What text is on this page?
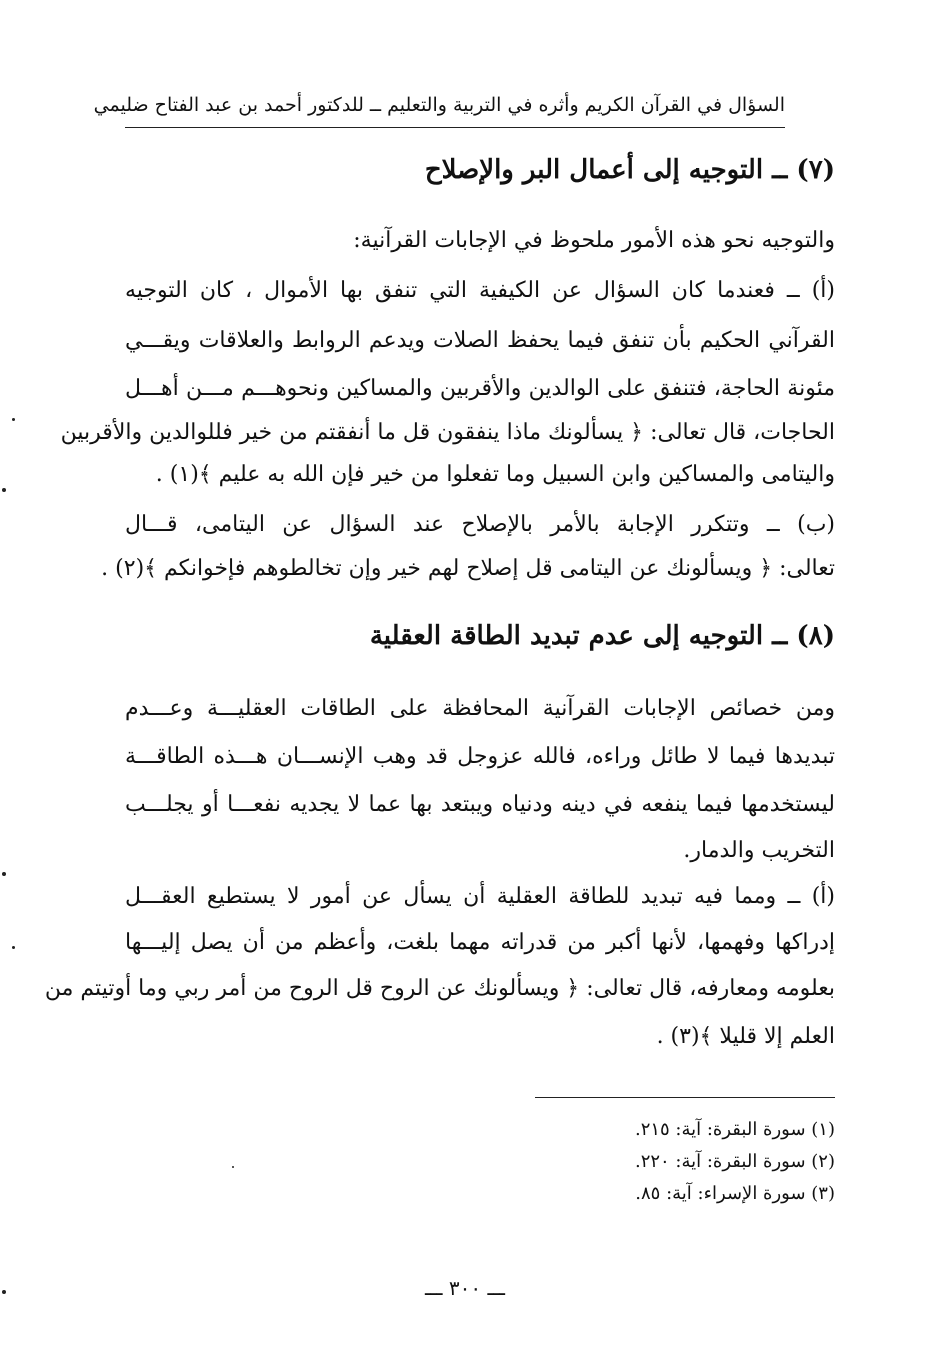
السؤال في القرآن الكريم وأثره في التربية والتعليم ــ للدكتور أحمد بن عبد الفتاح ضليمي
(٧) ــ التوجيه إلى أعمال البر والإصلاح
والتوجيه نحو هذه الأمور ملحوظ في الإجابات القرآنية:
(أ) ــ فعندما كان السؤال عن الكيفية التي تنفق بها الأموال ، كان التوجيه
القرآني الحكيم بأن تنفق فيما يحفظ الصلات ويدعم الروابط والعلاقات ويقـــي
مئونة الحاجة، فتنفق على الوالدين والأقربين والمساكين ونحوهـــم مـــن أهـــل
الحاجات، قال تعالى: ﴿ يسألونك ماذا ينفقون قل ما أنفقتم من خير فللوالدين والأقربين
واليتامى والمساكين وابن السبيل وما تفعلوا من خير فإن الله به عليم ﴾(١) .
(ب) ــ وتتكرر الإجابة بالأمر بالإصلاح عند السؤال عن اليتامى، قـــال
تعالى: ﴿ ويسألونك عن اليتامى قل إصلاح لهم خير وإن تخالطوهم فإخوانكم ﴾(٢) .
(٨) ــ التوجيه إلى عدم تبديد الطاقة العقلية
ومن خصائص الإجابات القرآنية المحافظة على الطاقات العقليـــة وعـــدم
تبديدها فيما لا طائل وراءه، فالله عزوجل قد وهب الإنســـان هـــذه الطاقـــة
ليستخدمها فيما ينفعه في دينه ودنياه ويبتعد بها عما لا يجديه نفعـــا أو يجلـــب
التخريب والدمار.
(أ) ــ ومما فيه تبديد للطاقة العقلية أن يسأل عن أمور لا يستطيع العقـــل
إدراكها وفهمها، لأنها أكبر من قدراته مهما بلغت، وأعظم من أن يصل إليـــها
بعلومه ومعارفه، قال تعالى: ﴿ ويسألونك عن الروح قل الروح من أمر ربي وما أوتيتم من
العلم إلا قليلا ﴾(٣) .
(١) سورة البقرة: آية: ٢١٥.
(٢) سورة البقرة: آية: ٢٢٠.
(٣) سورة الإسراء: آية: ٨٥.
ـــ ٣٠٠ ـــ
